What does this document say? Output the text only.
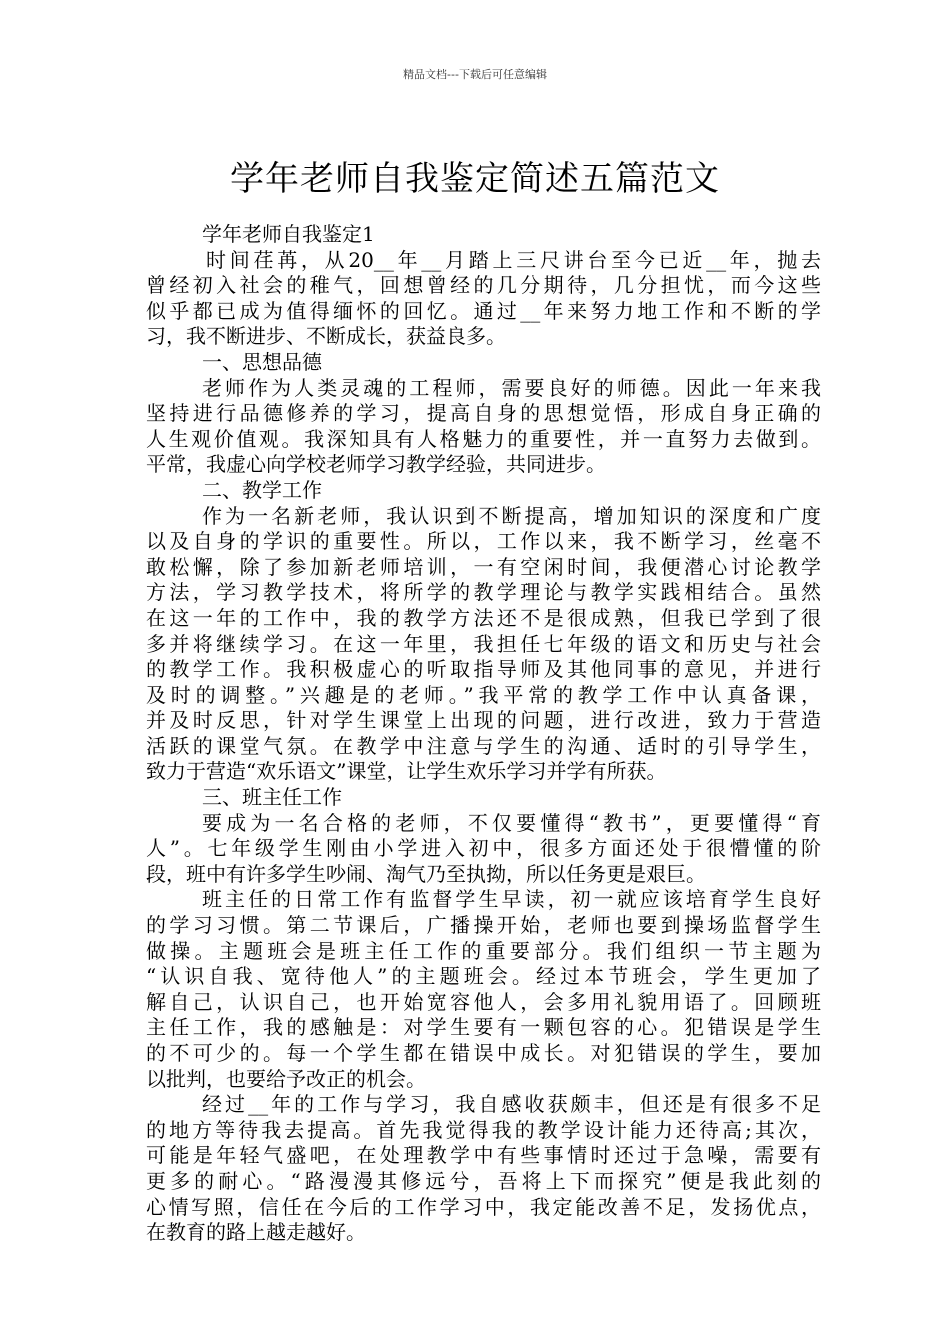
精品文档---下载后可任意编辑
学年老师自我鉴定简述五篇范文
学年老师自我鉴定1
时间荏苒，从20__年__月踏上三尺讲台至今已近__年，抛去
曾经初入社会的稚气，回想曾经的几分期待，几分担忧，而今这些
似乎都已成为值得缅怀的回忆。通过__年来努力地工作和不断的学
习，我不断进步、不断成长，获益良多。
一、思想品德
老师作为人类灵魂的工程师，需要良好的师德。因此一年来我
坚持进行品德修养的学习，提高自身的思想觉悟，形成自身正确的
人生观价值观。我深知具有人格魅力的重要性，并一直努力去做到。
平常，我虚心向学校老师学习教学经验，共同进步。
二、教学工作
作为一名新老师，我认识到不断提高，增加知识的深度和广度
以及自身的学识的重要性。所以，工作以来，我不断学习，丝毫不
敢松懈，除了参加新老师培训，一有空闲时间，我便潜心讨论教学
方法，学习教学技术，将所学的教学理论与教学实践相结合。虽然
在这一年的工作中，我的教学方法还不是很成熟，但我已学到了很
多并将继续学习。在这一年里，我担任七年级的语文和历史与社会
的教学工作。我积极虚心的听取指导师及其他同事的意见，并进行
及时的调整。”兴趣是的老师。”我平常的教学工作中认真备课，
并及时反思，针对学生课堂上出现的问题，进行改进，致力于营造
活跃的课堂气氛。在教学中注意与学生的沟通、适时的引导学生，
致力于营造“欢乐语文”课堂，让学生欢乐学习并学有所获。
三、班主任工作
要成为一名合格的老师，不仅要懂得“教书”，更要懂得“育
人”。七年级学生刚由小学进入初中，很多方面还处于很懵懂的阶
段，班中有许多学生吵闹、淘气乃至执拗，所以任务更是艰巨。
班主任的日常工作有监督学生早读，初一就应该培育学生良好
的学习习惯。第二节课后，广播操开始，老师也要到操场监督学生
做操。主题班会是班主任工作的重要部分。我们组织一节主题为
“认识自我、宽待他人”的主题班会。经过本节班会，学生更加了
解自己，认识自己，也开始宽容他人，会多用礼貌用语了。回顾班
主任工作，我的感触是：对学生要有一颗包容的心。犯错误是学生
的不可少的。每一个学生都在错误中成长。对犯错误的学生，要加
以批判，也要给予改正的机会。
经过__年的工作与学习，我自感收获颇丰，但还是有很多不足
的地方等待我去提高。首先我觉得我的教学设计能力还待高;其次，
可能是年轻气盛吧，在处理教学中有些事情时还过于急噪，需要有
更多的耐心。“路漫漫其修远兮，吾将上下而探究”便是我此刻的
心情写照，信任在今后的工作学习中，我定能改善不足，发扬优点，
在教育的路上越走越好。
